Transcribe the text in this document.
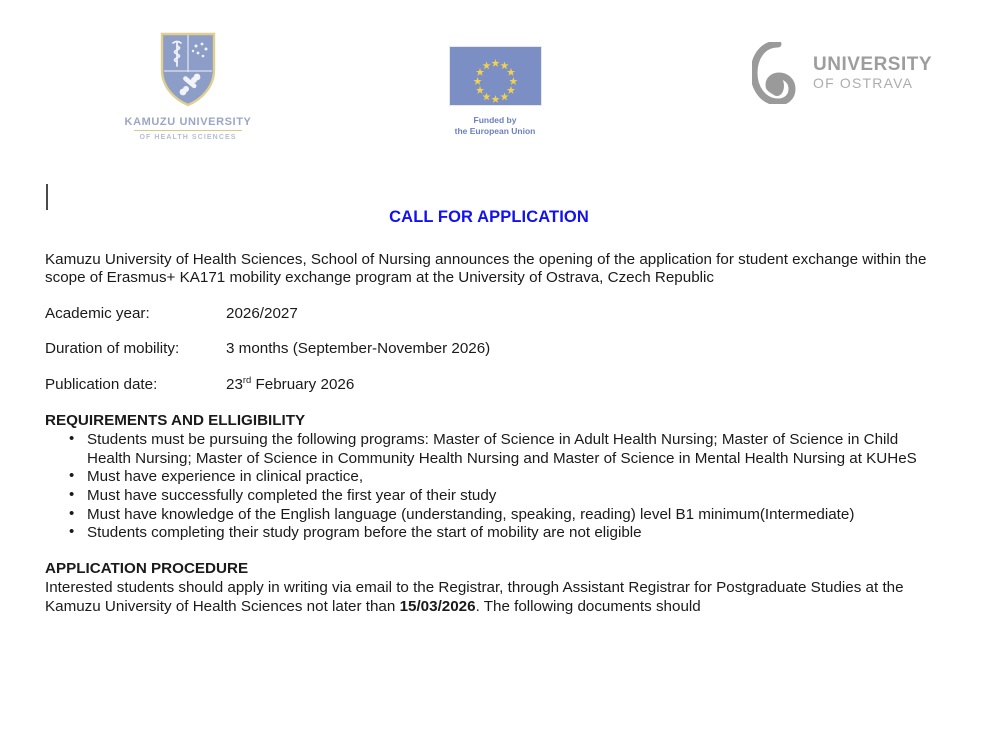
KAMUZU UNIVERSITY
OF HEALTH SCIENCES
Funded by
the European Union
UNIVERSITY
OF OSTRAVA
CALL FOR APPLICATION
Kamuzu University of Health Sciences, School of Nursing announces the opening of the application for student exchange within the scope of Erasmus+ KA171 mobility exchange program at the University of Ostrava, Czech Republic
Academic year:	2026/2027
Duration of mobility:	3 months (September-November 2026)
Publication date:	23rd February 2026
REQUIREMENTS AND ELLIGIBILITY
• Students must be pursuing the following programs: Master of Science in Adult Health Nursing; Master of Science in Child Health Nursing; Master of Science in Community Health Nursing and Master of Science in Mental Health Nursing at KUHeS
• Must have experience in clinical practice,
• Must have successfully completed the first year of their study
• Must have knowledge of the English language (understanding, speaking, reading) level B1 minimum(Intermediate)
• Students completing their study program before the start of mobility are not eligible
APPLICATION PROCEDURE
Interested students should apply in writing via email to the Registrar, through Assistant Registrar for Postgraduate Studies at the Kamuzu University of Health Sciences not later than 15/03/2026. The following documents should
